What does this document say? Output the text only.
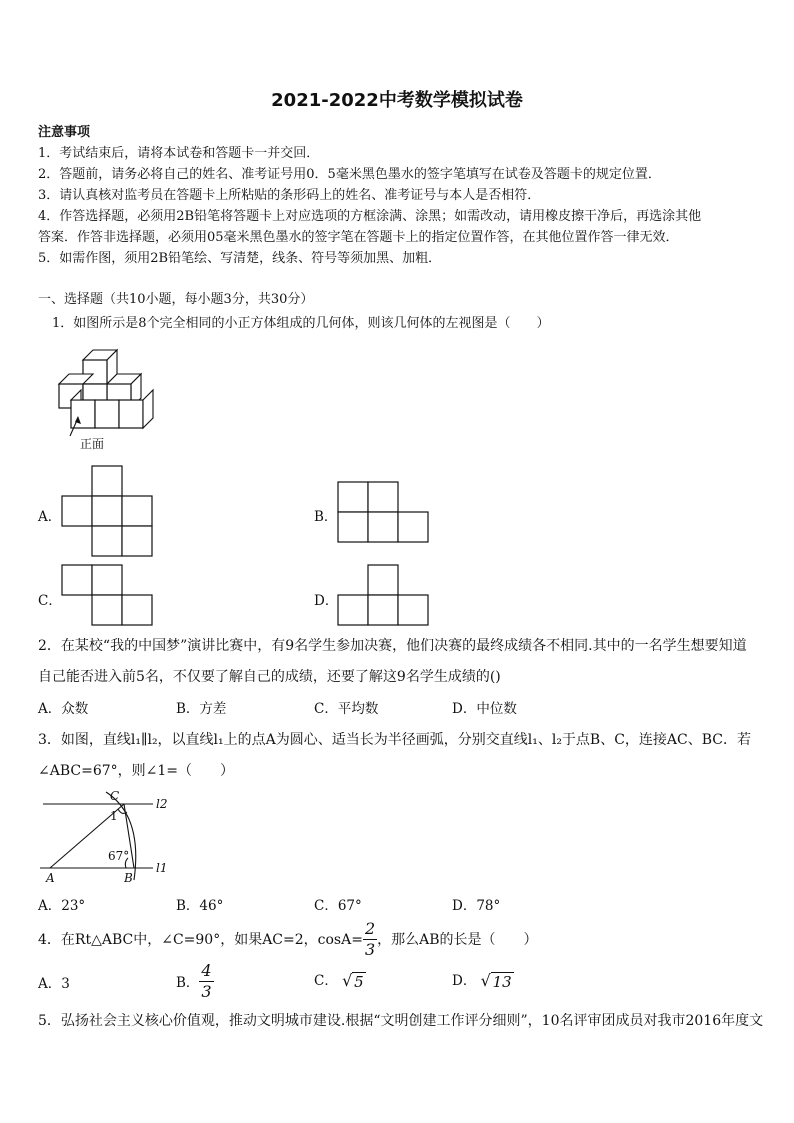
2021-2022中考数学模拟试卷
注意事项
1．考试结束后，请将本试卷和答题卡一并交回．
2．答题前，请务必将自己的姓名、准考证号用0．5毫米黑色墨水的签字笔填写在试卷及答题卡的规定位置．
3．请认真核对监考员在答题卡上所粘贴的条形码上的姓名、准考证号与本人是否相符．
4．作答选择题，必须用2B铅笔将答题卡上对应选项的方框涂满、涂黑；如需改动，请用橡皮擦干净后，再选涂其他
答案．作答非选择题，必须用05毫米黑色墨水的签字笔在答题卡上的指定位置作答，在其他位置作答一律无效．
5．如需作图，须用2B铅笔绘、写清楚，线条、符号等须加黑、加粗．
一、选择题（共10小题，每小题3分，共30分）
1．如图所示是8个完全相同的小正方体组成的几何体，则该几何体的左视图是（　　）
正面
A．	B．
C．	D．
2．在某校“我的中国梦”演讲比赛中，有9名学生参加决赛，他们决赛的最终成绩各不相同.其中的一名学生想要知道
自己能否进入前5名，不仅要了解自己的成绩，还要了解这9名学生成绩的()
A．众数	B．方差	C．平均数	D．中位数
3．如图，直线l₁∥l₂，以直线l₁上的点A为圆心、适当长为半径画弧，分别交直线l₁、l₂于点B、C，连接AC、BC．若
∠ABC=67°，则∠1=（　　）
C
l2
1
67°
l1
A	B
A．23°	B．46°	C．67°	D．78°
4．在Rt△ABC中，∠C=90°，如果AC=2，$\cos A= \frac{2}{3}$ ，那么AB的长是（　　）
A．3	B． $\frac{4}{3}$	C． √ 5	D． √ 13
5．弘扬社会主义核心价值观，推动文明城市建设.根据“文明创建工作评分细则”，10名评审团成员对我市2016年度文
